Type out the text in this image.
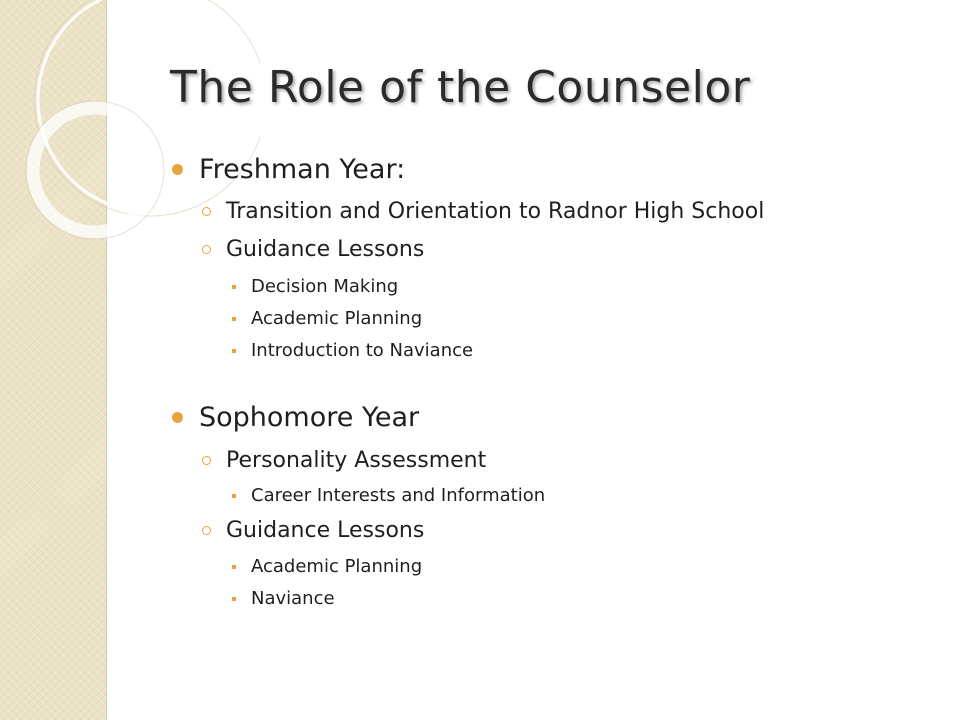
The Role of the Counselor
Freshman Year:
Transition and Orientation to Radnor High School
Guidance Lessons
Decision Making
Academic Planning
Introduction to Naviance
Sophomore Year
Personality Assessment
Career Interests and Information
Guidance Lessons
Academic Planning
Naviance
